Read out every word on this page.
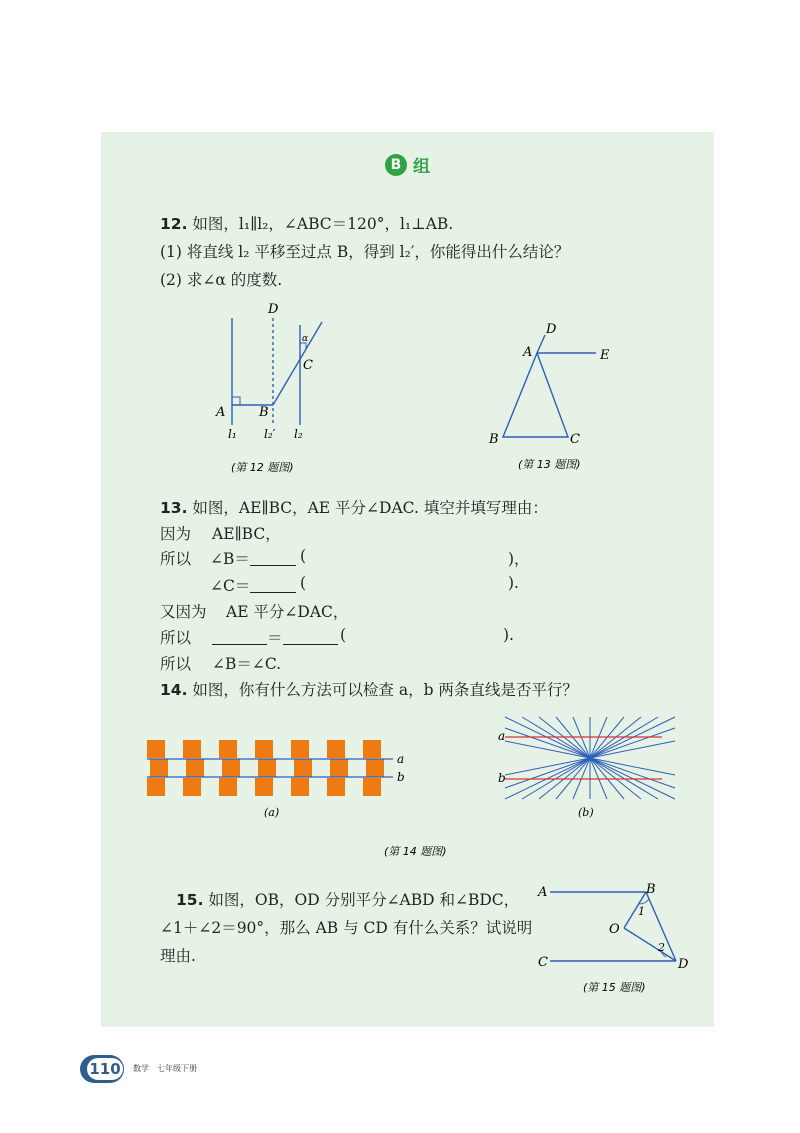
B 组
12. 如图，l₁∥l₂，∠ABC＝120°，l₁⊥AB.
(1) 将直线 l₂ 平移至过点 B，得到 l₂′，你能得出什么结论？
(2) 求∠α 的度数.
D
C
A	B
α
l₁ l₂′ l₂
(第 12 题图)
D
A	E
B	C
(第 13 题图)
a
b
(a)
a
b
(b)
(第 14 题图)
A	B
O
C	D
1
2
(第 15 题图)
13. 如图，AE∥BC，AE 平分∠DAC. 填空并填写理由：
因为 AE∥BC，
所以 ∠B＝	(	)，
∠C＝	(	).
又因为 AE 平分∠DAC，
所以	＝	(	).
所以 ∠B＝∠C.
14. 如图，你有什么方法可以检查 a，b 两条直线是否平行？
15. 如图，OB，OD 分别平分∠ABD 和∠BDC，
∠1＋∠2＝90°，那么 AB 与 CD 有什么关系？试说明
理由.
110 数学　七年级下册
